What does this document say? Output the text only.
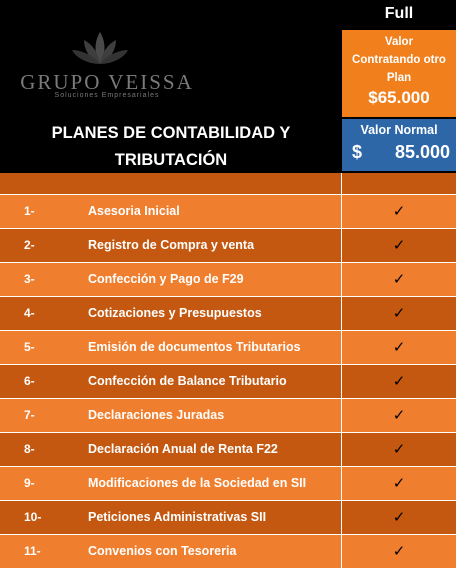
GRUPO VEISSA
Soluciones Empresariales
PLANES DE CONTABILIDAD Y
TRIBUTACIÓN
Full
Valor
Contratando otro
Plan
$65.000
Valor Normal
$ 85.000
1-	Asesoria Inicial	✓
2-	Registro de Compra y venta	✓
3-	Confección y Pago de F29	✓
4-	Cotizaciones y Presupuestos	✓
5-	Emisión de documentos Tributarios	✓
6-	Confección de Balance Tributario	✓
7-	Declaraciones Juradas	✓
8-	Declaración Anual de Renta F22	✓
9-	Modificaciones de la Sociedad en SII	✓
10-	Peticiones Administrativas SII	✓
11-	Convenios con Tesoreria	✓
